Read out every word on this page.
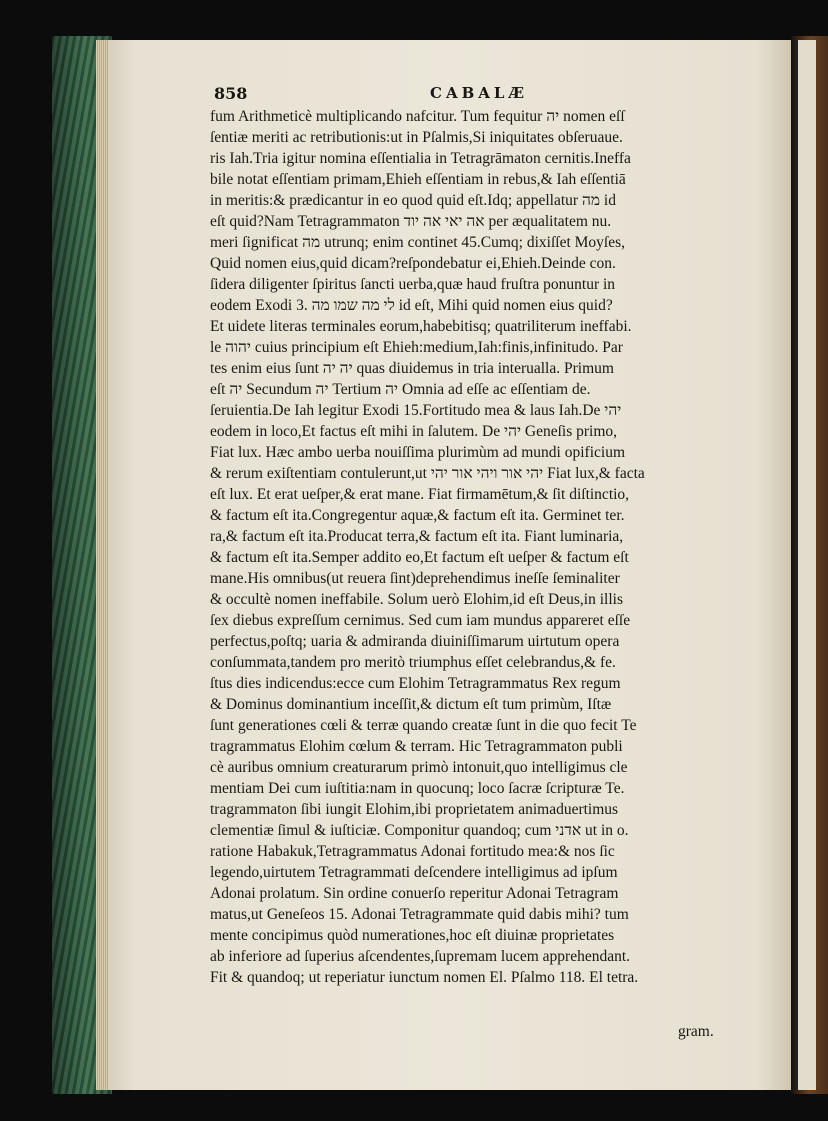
858	CABALÆ
fum Arithmeticè multiplicando nafcitur. Tum fequitur יה nomen eſſ
ſentiæ meriti ac retributionis:ut in Pſalmis,Si iniquitates obſeruaue.
ris Iah.Tria igitur nomina eſſentialia in Tetragrāmaton cernitis.Ineffa
bile notat eſſentiam primam,Ehieh eſſentiam in rebus,& Iah eſſentiā
in meritis:& prædicantur in eo quod quid eſt.Idq; appellatur מה id
eſt quid?Nam Tetragrammaton אה יאי אה יוד per æqualitatem nu.
meri ſignificat מה utrunq; enim continet 45.Cumq; dixiſſet Moyſes,
Quid nomen eius,quid dicam?reſpondebatur ei,Ehieh.Deinde con.
ſidera diligenter ſpiritus ſancti uerba,quæ haud fruſtra ponuntur in
eodem Exodi 3. לי מה שמו מה id eſt, Mihi quid nomen eius quid?
Et uidete literas terminales eorum,habebitisq; quatriliterum ineffabi.
le יהוה cuius principium eſt Ehieh:medium,Iah:finis,infinitudo. Par
tes enim eius ſunt יה יה quas diuidemus in tria interualla. Primum
eſt יה Secundum יה Tertium יה Omnia ad eſſe ac eſſentiam de.
ſeruientia.De Iah legitur Exodi 15.Fortitudo mea & laus Iah.De יהי
eodem in loco,Et factus eſt mihi in ſalutem. De יהי Geneſis primo,
Fiat lux. Hæc ambo uerba nouiſſima plurimùm ad mundi opificium
& rerum exiſtentiam contulerunt,ut יהי אור ויהי אור יהי Fiat lux,& facta
eſt lux. Et erat ueſper,& erat mane. Fiat firmamētum,& ſit diſtinctio,
& factum eſt ita.Congregentur aquæ,& factum eſt ita. Germinet ter.
ra,& factum eſt ita.Producat terra,& factum eſt ita. Fiant luminaria,
& factum eſt ita.Semper addito eo,Et factum eſt ueſper & factum eſt
mane.His omnibus(ut reuera ſint)deprehendimus ineſſe ſeminaliter
& occultè nomen ineffabile. Solum uerò Elohim,id eſt Deus,in illis
ſex diebus expreſſum cernimus. Sed cum iam mundus appareret eſſe
perfectus,poſtq; uaria & admiranda diuiniſſimarum uirtutum opera
conſummata,tandem pro meritò triumphus eſſet celebrandus,& fe.
ſtus dies indicendus:ecce cum Elohim Tetragrammatus Rex regum
& Dominus dominantium inceſſit,& dictum eſt tum primùm, Iſtæ
ſunt generationes cœli & terræ quando creatæ ſunt in die quo fecit Te
tragrammatus Elohim cœlum & terram. Hic Tetragrammaton publi
cè auribus omnium creaturarum primò intonuit,quo intelligimus cle
mentiam Dei cum iuſtitia:nam in quocunq; loco ſacræ ſcripturæ Te.
tragrammaton ſibi iungit Elohim,ibi proprietatem animaduertimus
clementiæ ſimul & iuſticiæ. Componitur quandoq; cum אדני ut in o.
ratione Habakuk,Tetragrammatus Adonai fortitudo mea:& nos ſic
legendo,uirtutem Tetragrammati deſcendere intelligimus ad ipſum
Adonai prolatum. Sin ordine conuerſo reperitur Adonai Tetragram
matus,ut Geneſeos 15. Adonai Tetragrammate quid dabis mihi? tum
mente concipimus quòd numerationes,hoc eſt diuinæ proprietates
ab inferiore ad ſuperius aſcendentes,ſupremam lucem apprehendant.
Fit & quandoq; ut reperiatur iunctum nomen El. Pſalmo 118. El tetra.
gram.
